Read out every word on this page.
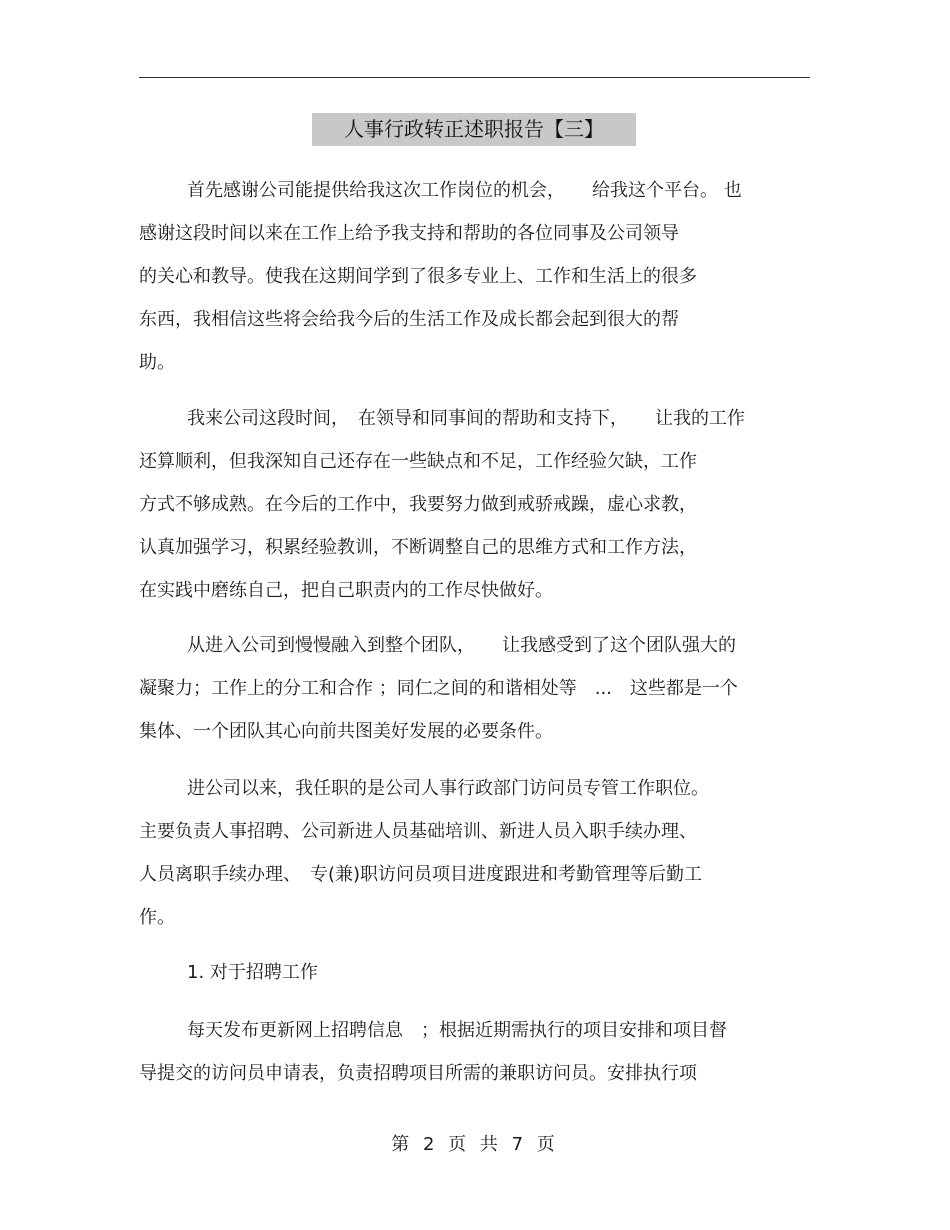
人事行政转正述职报告【三】
首先感谢公司能提供给我这次工作岗位的机会，　　给我这个平台。 也
感谢这段时间以来在工作上给予我支持和帮助的各位同事及公司领导
的关心和教导。使我在这期间学到了很多专业上、工作和生活上的很多
东西，我相信这些将会给我今后的生活工作及成长都会起到很大的帮
助。
我来公司这段时间，　在领导和同事间的帮助和支持下，　　让我的工作
还算顺利，但我深知自己还存在一些缺点和不足，工作经验欠缺，工作
方式不够成熟。在今后的工作中，我要努力做到戒骄戒躁，虚心求教，
认真加强学习，积累经验教训，不断调整自己的思维方式和工作方法，
在实践中磨练自己，把自己职责内的工作尽快做好。
从进入公司到慢慢融入到整个团队，　　让我感受到了这个团队强大的
凝聚力；工作上的分工和合作 ；同仁之间的和谐相处等　...　这些都是一个
集体、一个团队其心向前共图美好发展的必要条件。
进公司以来，我任职的是公司人事行政部门访问员专管工作职位。
主要负责人事招聘、公司新进人员基础培训、新进人员入职手续办理、
人员离职手续办理、　专(兼)职访问员项目进度跟进和考勤管理等后勤工
作。
1. 对于招聘工作
每天发布更新网上招聘信息　；根据近期需执行的项目安排和项目督
导提交的访问员申请表，负责招聘项目所需的兼职访问员。安排执行项
第 2 页 共 7 页
